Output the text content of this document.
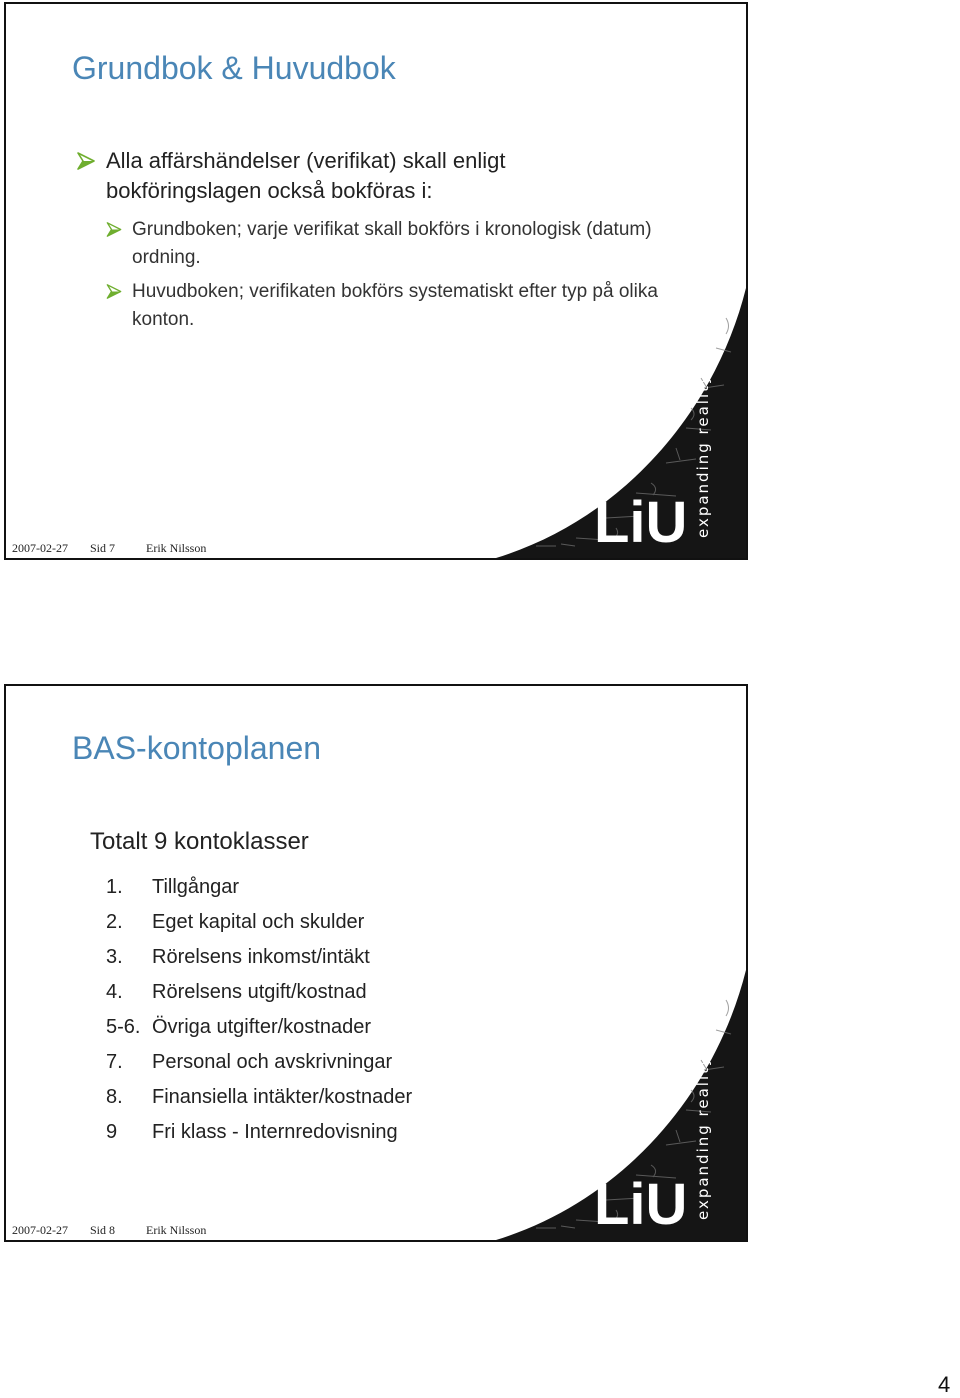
Grundbok & Huvudbok
Alla affärshändelser (verifikat) skall enligt bokföringslagen också bokföras i:
Grundboken; varje verifikat skall bokförs i kronologisk (datum) ordning.
Huvudboken; verifikaten bokförs systematiskt efter typ på olika konton.
expanding reality
LiU
2007-02-27 Sid 7	Erik Nilsson
BAS-kontoplanen
Totalt 9 kontoklasser
1.	Tillgångar
2.	Eget kapital och skulder
3.	Rörelsens inkomst/intäkt
4.	Rörelsens utgift/kostnad
5-6. Övriga utgifter/kostnader
7.	Personal och avskrivningar
8.	Finansiella intäkter/kostnader
9	Fri klass - Internredovisning	expanding reality
LiU
2007-02-27 Sid 8	Erik Nilsson
4
